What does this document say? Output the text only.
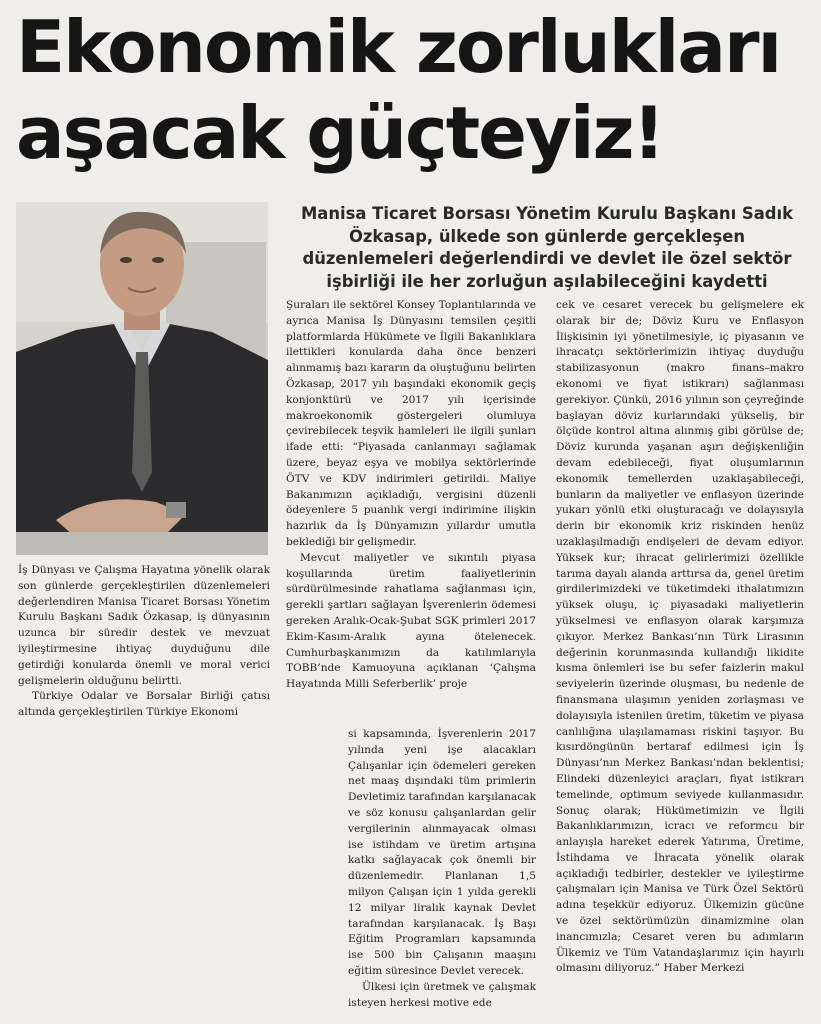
Ekonomik zorlukları
aşacak güçteyiz!

Manisa Ticaret Borsası Yönetim Kurulu Başkanı Sadık Özkasap, ülkede son günlerde gerçekleşen düzenlemeleri değerlendirdi ve devlet ile özel sektör işbirliği ile her zorluğun aşılabileceğini kaydetti

İş Dünyası ve Çalışma Hayatına yönelik olarak son günlerde gerçekleştirilen düzenlemeleri değerlendiren Manisa Ticaret Borsası Yönetim Kurulu Başkanı Sadık Özkasap, iş dünyasının uzunca bir süredir destek ve mevzuat iyileştirmesine ihtiyaç duyduğunu dile getirdiği konularda önemli ve moral verici gelişmelerin olduğunu belirtti.

Türkiye Odalar ve Borsalar Birliği çatısı altında gerçekleştirilen Türkiye Ekonomi

Şuraları ile sektörel Konsey Toplantılarında ve ayrıca Manisa İş Dünyasını temsilen çeşitli platformlarda Hükümete ve İlgili Bakanlıklara ilettikleri konularda daha önce benzeri alınmamış bazı kararın da oluştuğunu belirten Özkasap, 2017 yılı başındaki ekonomik geçiş konjonktürü ve 2017 yılı içerisinde makroekonomik göstergeleri olumluya çevirebilecek teşvik hamleleri ile ilgili şunları ifade etti: “Piyasada canlanmayı sağlamak üzere, beyaz eşya ve mobilya sektörlerinde ÖTV ve KDV indirimleri getirildi. Maliye Bakanımızın açıkladığı, vergisini düzenli ödeyenlere 5 puanlık vergi indirimine ilişkin hazırlık da İş Dünyamızın yıllardır umutla beklediği bir gelişmedir.

Mevcut maliyetler ve sıkıntılı piyasa koşullarında üretim faaliyetlerinin sürdürülmesinde rahatlama sağlanması için, gerekli şartları sağlayan İşverenlerin ödemesi gereken Aralık-Ocak-Şubat SGK primleri 2017 Ekim-Kasım-Aralık ayına ötelenecek. Cumhurbaşkanımızın da katılımlarıyla TOBB’nde Kamuoyuna açıklanan ‘Çalışma Hayatında Milli Seferberlik’ proje

si kapsamında, İşverenlerin 2017 yılında yeni işe alacakları Çalışanlar için ödemeleri gereken net maaş dışındaki tüm primlerin Devletimiz tarafından karşılanacak ve söz konusu çalışanlardan gelir vergilerinin alınmayacak olması ise istihdam ve üretim artışına katkı sağlayacak çok önemli bir düzenlemedir. Planlanan 1,5 milyon Çalışan için 1 yılda gerekli 12 milyar liralık kaynak Devlet tarafından karşılanacak. İş Başı Eğitim Programları kapsamında ise 500 bin Çalışanın maaşını eğitim süresince Devlet verecek.

Ülkesi için üretmek ve çalışmak isteyen herkesi motive ede

cek ve cesaret verecek bu gelişmelere ek olarak bir de; Döviz Kuru ve Enflasyon İlişkisinin iyi yönetilmesiyle, iç piyasanın ve ihracatçı sektörlerimizin ihtiyaç duyduğu stabilizasyonun (makro finans–makro ekonomi ve fiyat istikrarı) sağlanması gerekiyor. Çünkü, 2016 yılının son çeyreğinde başlayan döviz kurlarındaki yükseliş, bir ölçüde kontrol altına alınmış gibi görülse de; Döviz kurunda yaşanan aşırı değişkenliğin devam edebileceği, fiyat oluşumlarının ekonomik temellerden uzaklaşabileceği, bunların da maliyetler ve enflasyon üzerinde yukarı yönlü etki oluşturacağı ve dolayısıyla derin bir ekonomik kriz riskinden henüz uzaklaşılmadığı endişeleri de devam ediyor. Yüksek kur; ihracat gelirlerimizi özellikle tarıma dayalı alanda arttırsa da, genel üretim girdilerimizdeki ve tüketimdeki ithalatımızın yüksek oluşu, iç piyasadaki maliyetlerin yükselmesi ve enflasyon olarak karşımıza çıkıyor. Merkez Bankası’nın Türk Lirasının değerinin korunmasında kullandığı likidite kısma önlemleri ise bu sefer faizlerin makul seviyelerin üzerinde oluşması, bu nedenle de finansmana ulaşımın yeniden zorlaşması ve dolayısıyla istenilen üretim, tüketim ve piyasa canlılığına ulaşılamaması riskini taşıyor. Bu kısırdöngünün bertaraf edilmesi için İş Dünyası’nın Merkez Bankası’ndan beklentisi; Elindeki düzenleyici araçları, fiyat istikrarı temelinde, optimum seviyede kullanmasıdır. Sonuç olarak; Hükümetimizin ve İlgili Bakanlıklarımızın, icracı ve reformcu bir anlayışla hareket ederek Yatırıma, Üretime, İstihdama ve İhracata yönelik olarak açıkladığı tedbirler, destekler ve iyileştirme çalışmaları için Manisa ve Türk Özel Sektörü adına teşekkür ediyoruz. Ülkemizin gücüne ve özel sektörümüzün dinamizmine olan inancımızla; Cesaret veren bu adımların Ülkemiz ve Tüm Vatandaşlarımız için hayırlı olmasını diliyoruz.” Haber Merkezi
